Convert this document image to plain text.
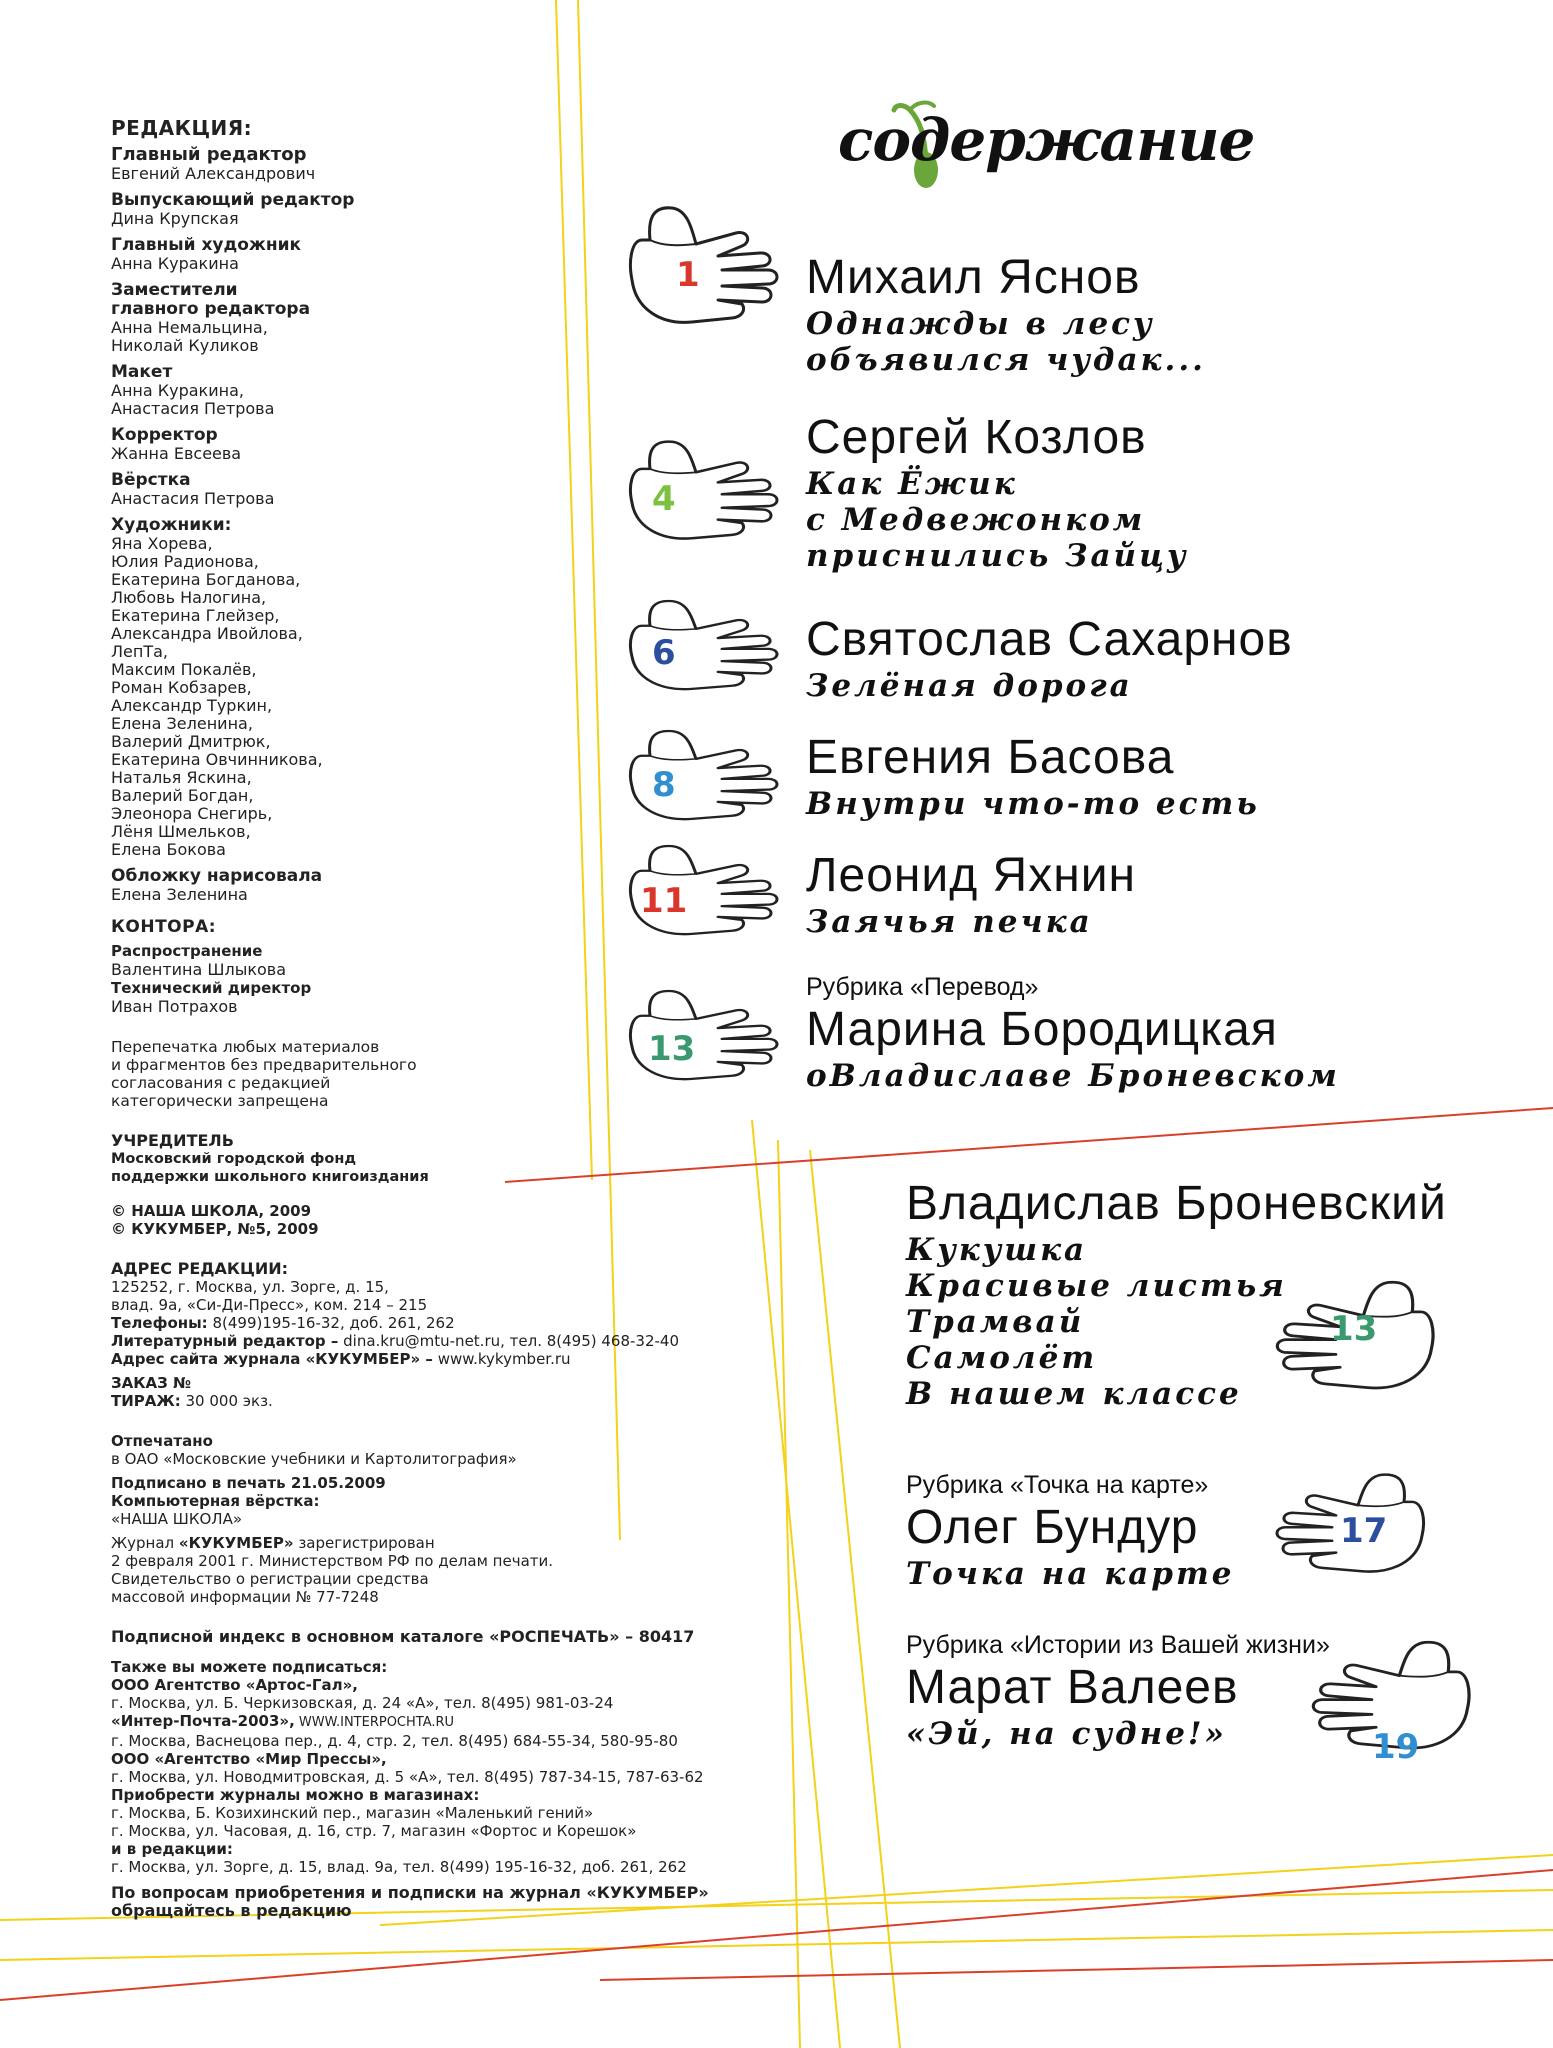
РЕДАКЦИЯ:
Главный редактор
Евгений Александрович
Выпускающий редактор
Дина Крупская
Главный художник
Анна Куракина
Заместители
главного редактора
Анна Немальцина,
Николай Куликов
Макет
Анна Куракина,
Анастасия Петрова
Корректор
Жанна Евсеева
Вёрстка
Анастасия Петрова
Художники:
Яна Хорева,
Юлия Радионова,
Екатерина Богданова,
Любовь Налогина,
Екатерина Глейзер,
Александра Ивойлова,
ЛепТа,
Максим Покалёв,
Роман Кобзарев,
Александр Туркин,
Елена Зеленина,
Валерий Дмитрюк,
Екатерина Овчинникова,
Наталья Яскина,
Валерий Богдан,
Элеонора Снегирь,
Лёня Шмельков,
Елена Бокова
Обложку нарисовала
Елена Зеленина
КОНТОРА:
Распространение
Валентина Шлыкова
Технический директор
Иван Потрахов
Перепечатка любых материалов
и фрагментов без предварительного
согласования с редакцией
категорически запрещена
УЧРЕДИТЕЛЬ
Московский городской фонд
поддержки школьного книгоиздания
© НАША ШКОЛА, 2009
© КУКУМБЕР, №5, 2009
АДРЕС РЕДАКЦИИ:
125252, г. Москва, ул. Зорге, д. 15,
влад. 9а, «Си-Ди-Пресс», ком. 214 – 215
Телефоны: 8(499)195-16-32, доб. 261, 262
Литературный редактор – dina.kru@mtu-net.ru, тел. 8(495) 468-32-40
Адрес сайта журнала «КУКУМБЕР» – www.kykymber.ru
ЗАКАЗ №
ТИРАЖ: 30 000 экз.
Отпечатано
в ОАО «Московские учебники и Картолитография»
Подписано в печать 21.05.2009
Компьютерная вёрстка:
«НАША ШКОЛА»
Журнал «КУКУМБЕР» зарегистрирован
2 февраля 2001 г. Министерством РФ по делам печати.
Свидетельство о регистрации средства
массовой информации № 77-7248
Подписной индекс в основном каталоге «РОСПЕЧАТЬ» – 80417
Также вы можете подписаться:
ООО Агентство «Артос-Гал»,
г. Москва, ул. Б. Черкизовская, д. 24 «А», тел. 8(495) 981-03-24
«Интер-Почта-2003», WWW.INTERPOCHTA.RU
г. Москва, Васнецова пер., д. 4, стр. 2, тел. 8(495) 684-55-34, 580-95-80
ООО «Агентство «Мир Прессы»,
г. Москва, ул. Новодмитровская, д. 5 «А», тел. 8(495) 787-34-15, 787-63-62
Приобрести журналы можно в магазинах:
г. Москва, Б. Козихинский пер., магазин «Маленький гений»
г. Москва, ул. Часовая, д. 16, стр. 7, магазин «Фортос и Корешок»
и в редакции:
г. Москва, ул. Зорге, д. 15, влад. 9а, тел. 8(499) 195-16-32, доб. 261, 262
По вопросам приобретения и подписки на журнал «КУКУМБЕР»
обращайтесь в редакцию
содержание
1 Михаил Яснов
Однажды в лесу
объявился чудак...
4
Сергей Козлов
Как Ёжик
с Медвежонком
приснились Зайцу
6	Святослав Сахарнов
Зелёная дорога
8
Евгения Басова
Внутри что-то есть
11 Леонид Яхнин
Заячья печка
13
Рубрика «Перевод»
Марина Бородицкая
оВладиславе Броневском
13
Владислав Броневский
Кукушка
Красивые листья
Трамвай
Самолёт
В нашем классе
17
Рубрика «Точка на карте»
Олег Бундур
Точка на карте
19
Рубрика «Истории из Вашей жизни»
Марат Валеев
«Эй, на судне!»
